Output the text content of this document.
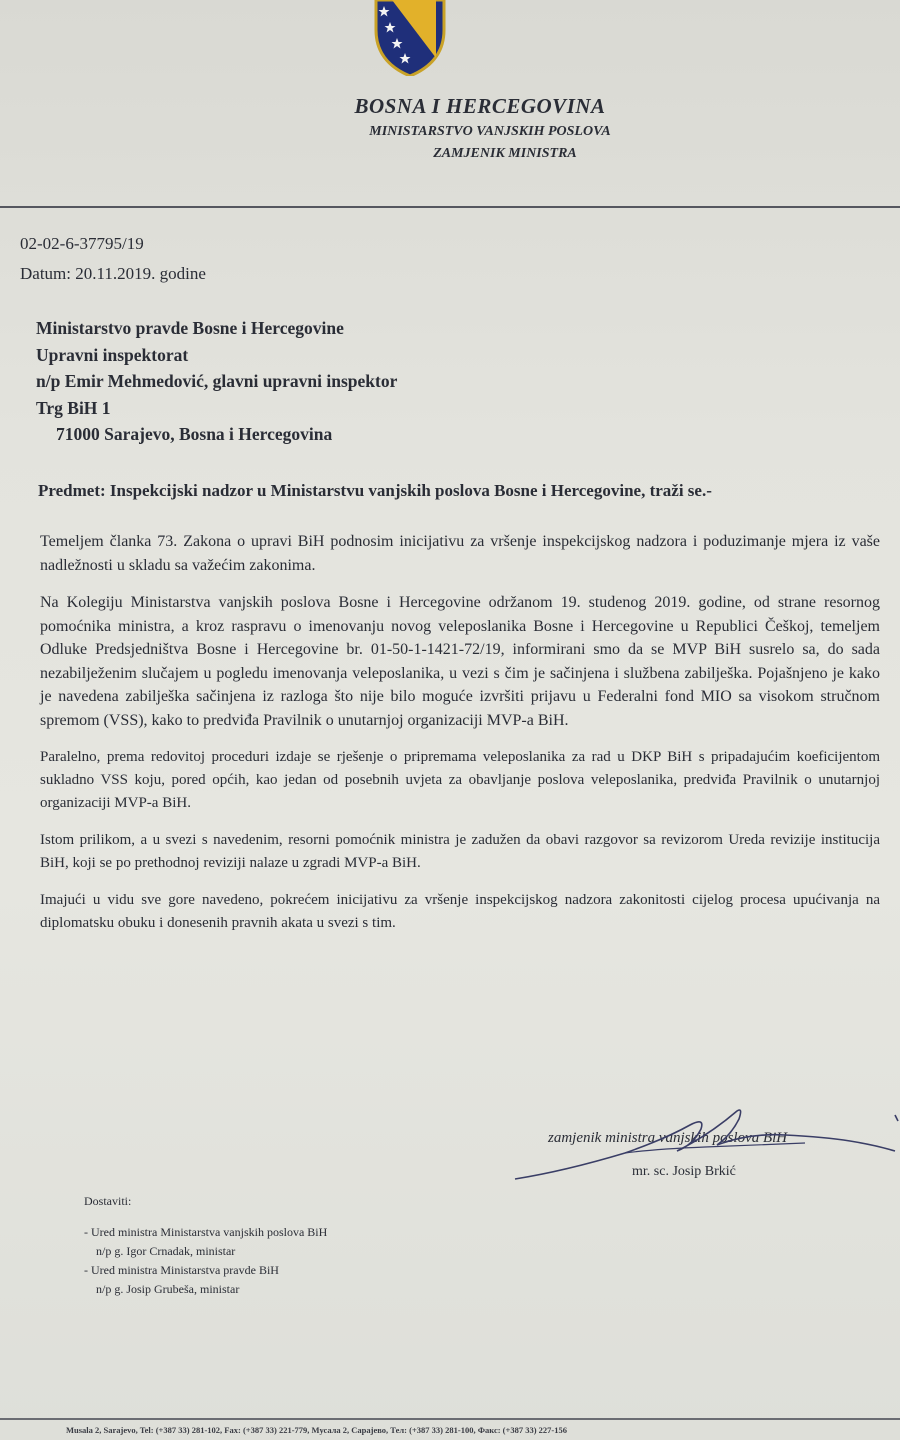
BOSNA I HERCEGOVINA
MINISTARSTVO VANJSKIH POSLOVA
ZAMJENIK MINISTRA
02-02-6-37795/19
Datum: 20.11.2019. godine
Ministarstvo pravde Bosne i Hercegovine
Upravni inspektorat
n/p Emir Mehmedović, glavni upravni inspektor
Trg BiH 1
71000 Sarajevo, Bosna i Hercegovina
Predmet: Inspekcijski nadzor u Ministarstvu vanjskih poslova Bosne i Hercegovine, traži se.-

Temeljem članka 73. Zakona o upravi BiH podnosim inicijativu za vršenje inspekcijskog nadzora i poduzimanje mjera iz vaše nadležnosti u skladu sa važećim zakonima.

Na Kolegiju Ministarstva vanjskih poslova Bosne i Hercegovine održanom 19. studenog 2019. godine, od strane resornog pomoćnika ministra, a kroz raspravu o imenovanju novog veleposlanika Bosne i Hercegovine u Republici Češkoj, temeljem Odluke Predsjedništva Bosne i Hercegovine br. 01-50-1-1421-72/19, informirani smo da se MVP BiH susrelo sa, do sada nezabilježenim slučajem u pogledu imenovanja veleposlanika, u vezi s čim je sačinjena i službena zabilješka. Pojašnjeno je kako je navedena zabilješka sačinjena iz razloga što nije bilo moguće izvršiti prijavu u Federalni fond MIO sa visokom stručnom spremom (VSS), kako to predviđa Pravilnik o unutarnjoj organizaciji MVP-a BiH.

Paralelno, prema redovitoj proceduri izdaje se rješenje o pripremama veleposlanika za rad u DKP BiH s pripadajućim koeficijentom sukladno VSS koju, pored općih, kao jedan od posebnih uvjeta za obavljanje poslova veleposlanika, predviđa Pravilnik o unutarnjoj organizaciji MVP-a BiH.

Istom prilikom, a u svezi s navedenim, resorni pomoćnik ministra je zadužen da obavi razgovor sa revizorom Ureda revizije institucija BiH, koji se po prethodnoj reviziji nalaze u zgradi MVP-a BiH.

Imajući u vidu sve gore navedeno, pokrećem inicijativu za vršenje inspekcijskog nadzora zakonitosti cijelog procesa upućivanja na diplomatsku obuku i donesenih pravnih akata u svezi s tim.

zamjenik ministra vanjskih poslova BiH
mr. sc. Josip Brkić
Dostaviti:
- Ured ministra Ministarstva vanjskih poslova BiH
n/p g. Igor Crnadak, ministar
- Ured ministra Ministarstva pravde BiH
n/p g. Josip Grubeša, ministar
Musala 2, Sarajevo, Tel: (+387 33) 281-102, Fax: (+387 33) 221-779, Мусала 2, Сарајево, Тел: (+387 33) 281-100, Факс: (+387 33) 227-156
